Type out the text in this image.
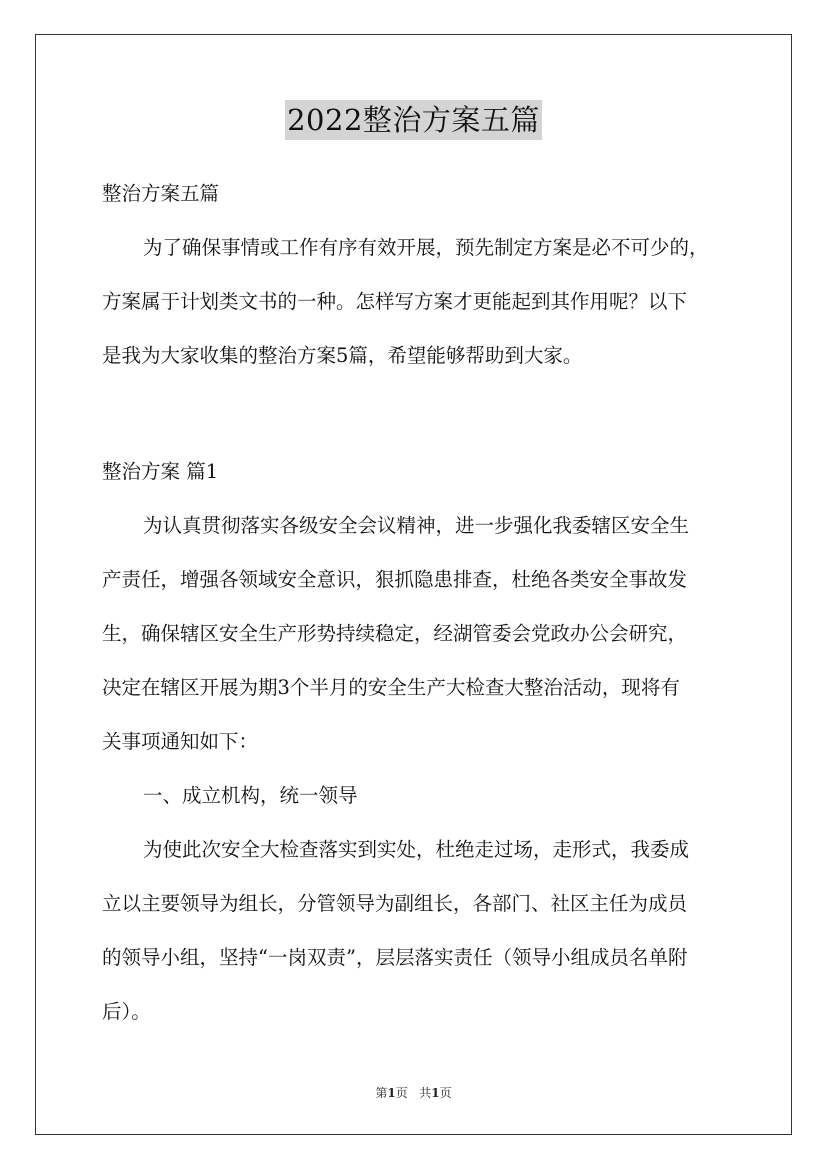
2022整治方案五篇
整治方案五篇
为了确保事情或工作有序有效开展，预先制定方案是必不可少的，
方案属于计划类文书的一种。怎样写方案才更能起到其作用呢？以下
是我为大家收集的整治方案5篇，希望能够帮助到大家。
整治方案 篇1
为认真贯彻落实各级安全会议精神，进一步强化我委辖区安全生
产责任，增强各领域安全意识，狠抓隐患排查，杜绝各类安全事故发
生，确保辖区安全生产形势持续稳定，经湖管委会党政办公会研究，
决定在辖区开展为期3个半月的安全生产大检查大整治活动，现将有
关事项通知如下：
一、成立机构，统一领导
为使此次安全大检查落实到实处，杜绝走过场，走形式，我委成
立以主要领导为组长，分管领导为副组长，各部门、社区主任为成员
的领导小组，坚持“一岗双责”，层层落实责任（领导小组成员名单附
后）。
第1页   共1页
